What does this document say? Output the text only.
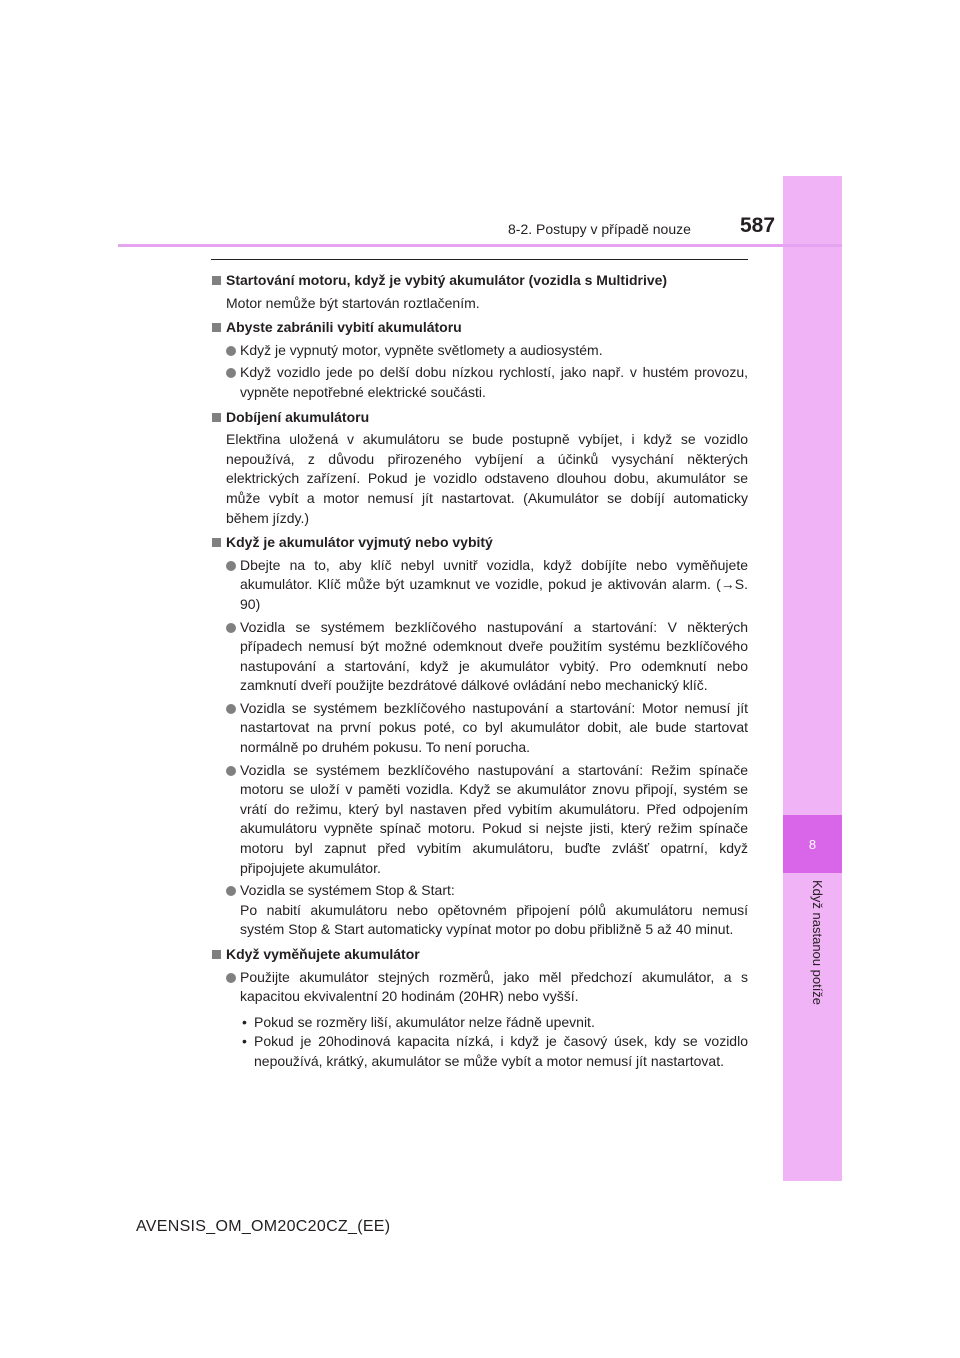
8
Když nastanou potíže
8-2. Postupy v případě nouze 587
Startování motoru, když je vybitý akumulátor (vozidla s Multidrive)
Motor nemůže být startován roztlačením.
Abyste zabránili vybití akumulátoru
Když je vypnutý motor, vypněte světlomety a audiosystém.
Když vozidlo jede po delší dobu nízkou rychlostí, jako např. v hustém provozu, vypněte nepotřebné elektrické součásti.
Dobíjení akumulátoru
Elektřina uložená v akumulátoru se bude postupně vybíjet, i když se vozidlo nepoužívá, z důvodu přirozeného vybíjení a účinků vysychání některých elektrických zařízení. Pokud je vozidlo odstaveno dlouhou dobu, akumulátor se může vybít a motor nemusí jít nastartovat. (Akumulátor se dobíjí automaticky během jízdy.)
Když je akumulátor vyjmutý nebo vybitý
Dbejte na to, aby klíč nebyl uvnitř vozidla, když dobíjíte nebo vyměňujete akumulátor. Klíč může být uzamknut ve vozidle, pokud je aktivován alarm. (→S. 90)
Vozidla se systémem bezklíčového nastupování a startování: V některých případech nemusí být možné odemknout dveře použitím systému bezklíčového nastupování a startování, když je akumulátor vybitý. Pro odemknutí nebo zamknutí dveří použijte bezdrátové dálkové ovládání nebo mechanický klíč.
Vozidla se systémem bezklíčového nastupování a startování: Motor nemusí jít nastartovat na první pokus poté, co byl akumulátor dobit, ale bude startovat normálně po druhém pokusu. To není porucha.
Vozidla se systémem bezklíčového nastupování a startování: Režim spínače motoru se uloží v paměti vozidla. Když se akumulátor znovu připojí, systém se vrátí do režimu, který byl nastaven před vybitím akumulátoru. Před odpojením akumulátoru vypněte spínač motoru. Pokud si nejste jisti, který režim spínače motoru byl zapnut před vybitím akumulátoru, buďte zvlášť opatrní, když připojujete akumulátor.
Vozidla se systémem Stop & Start:
Po nabití akumulátoru nebo opětovném připojení pólů akumulátoru nemusí systém Stop & Start automaticky vypínat motor po dobu přibližně 5 až 40 minut.
Když vyměňujete akumulátor
Použijte akumulátor stejných rozměrů, jako měl předchozí akumulátor, a s kapacitou ekvivalentní 20 hodinám (20HR) nebo vyšší.
• Pokud se rozměry liší, akumulátor nelze řádně upevnit.
• Pokud je 20hodinová kapacita nízká, i když je časový úsek, kdy se vozidlo nepoužívá, krátký, akumulátor se může vybít a motor nemusí jít nastartovat.
AVENSIS_OM_OM20C20CZ_(EE)
